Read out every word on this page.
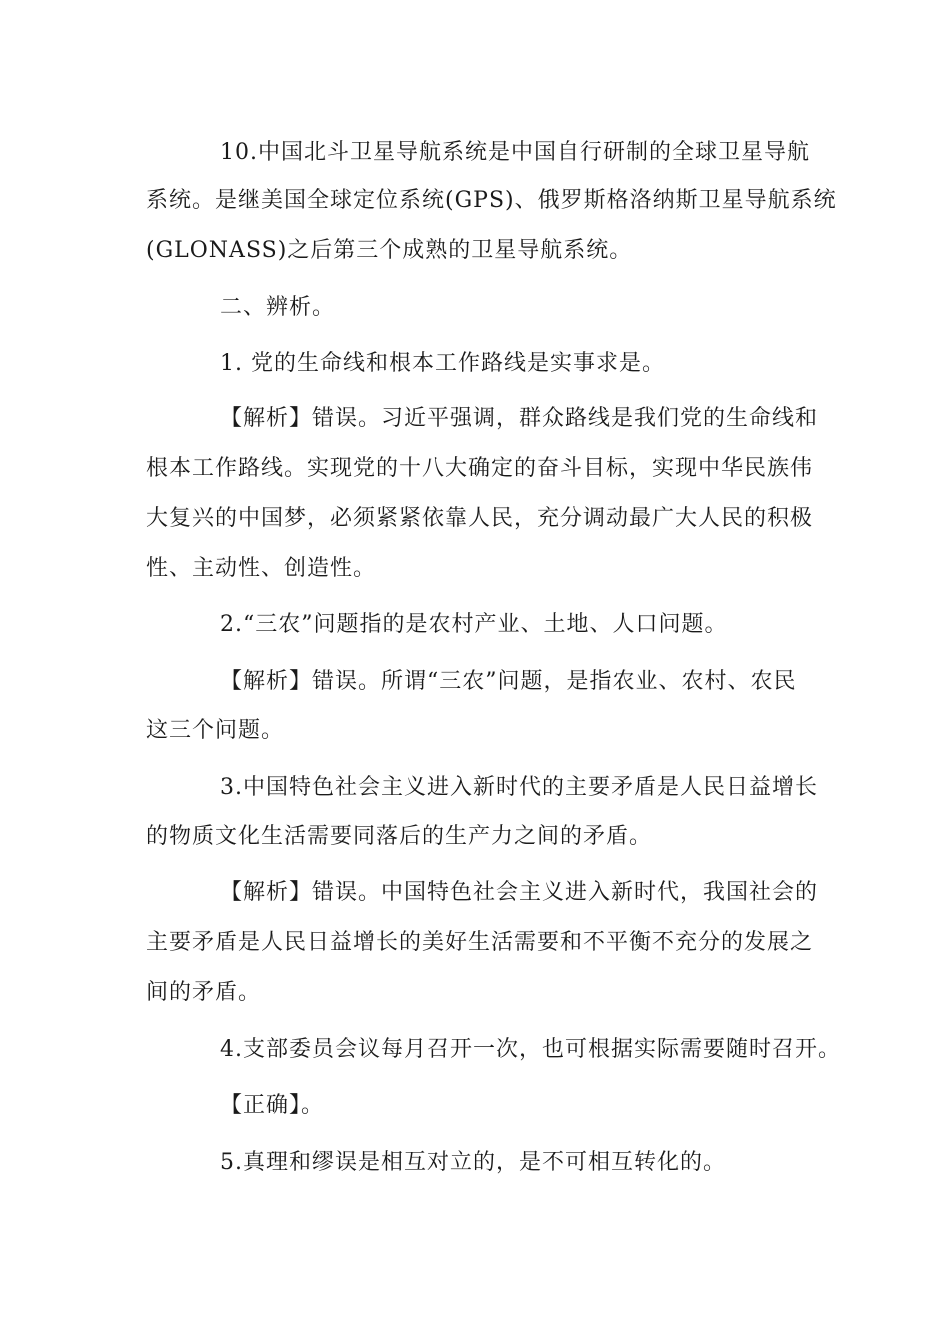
10.中国北斗卫星导航系统是中国自行研制的全球卫星导航
系统。是继美国全球定位系统(GPS)、俄罗斯格洛纳斯卫星导航系统
(GLONASS)之后第三个成熟的卫星导航系统。
二、辨析。
1. 党的生命线和根本工作路线是实事求是。
【解析】错误。习近平强调，群众路线是我们党的生命线和
根本工作路线。实现党的十八大确定的奋斗目标，实现中华民族伟
大复兴的中国梦，必须紧紧依靠人民，充分调动最广大人民的积极
性、主动性、创造性。
2.“三农”问题指的是农村产业、土地、人口问题。
【解析】错误。所谓“三农”问题，是指农业、农村、农民
这三个问题。
3.中国特色社会主义进入新时代的主要矛盾是人民日益增长
的物质文化生活需要同落后的生产力之间的矛盾。
【解析】错误。中国特色社会主义进入新时代，我国社会的
主要矛盾是人民日益增长的美好生活需要和不平衡不充分的发展之
间的矛盾。
4.支部委员会议每月召开一次，也可根据实际需要随时召开。
【正确】。
5.真理和缪误是相互对立的，是不可相互转化的。
